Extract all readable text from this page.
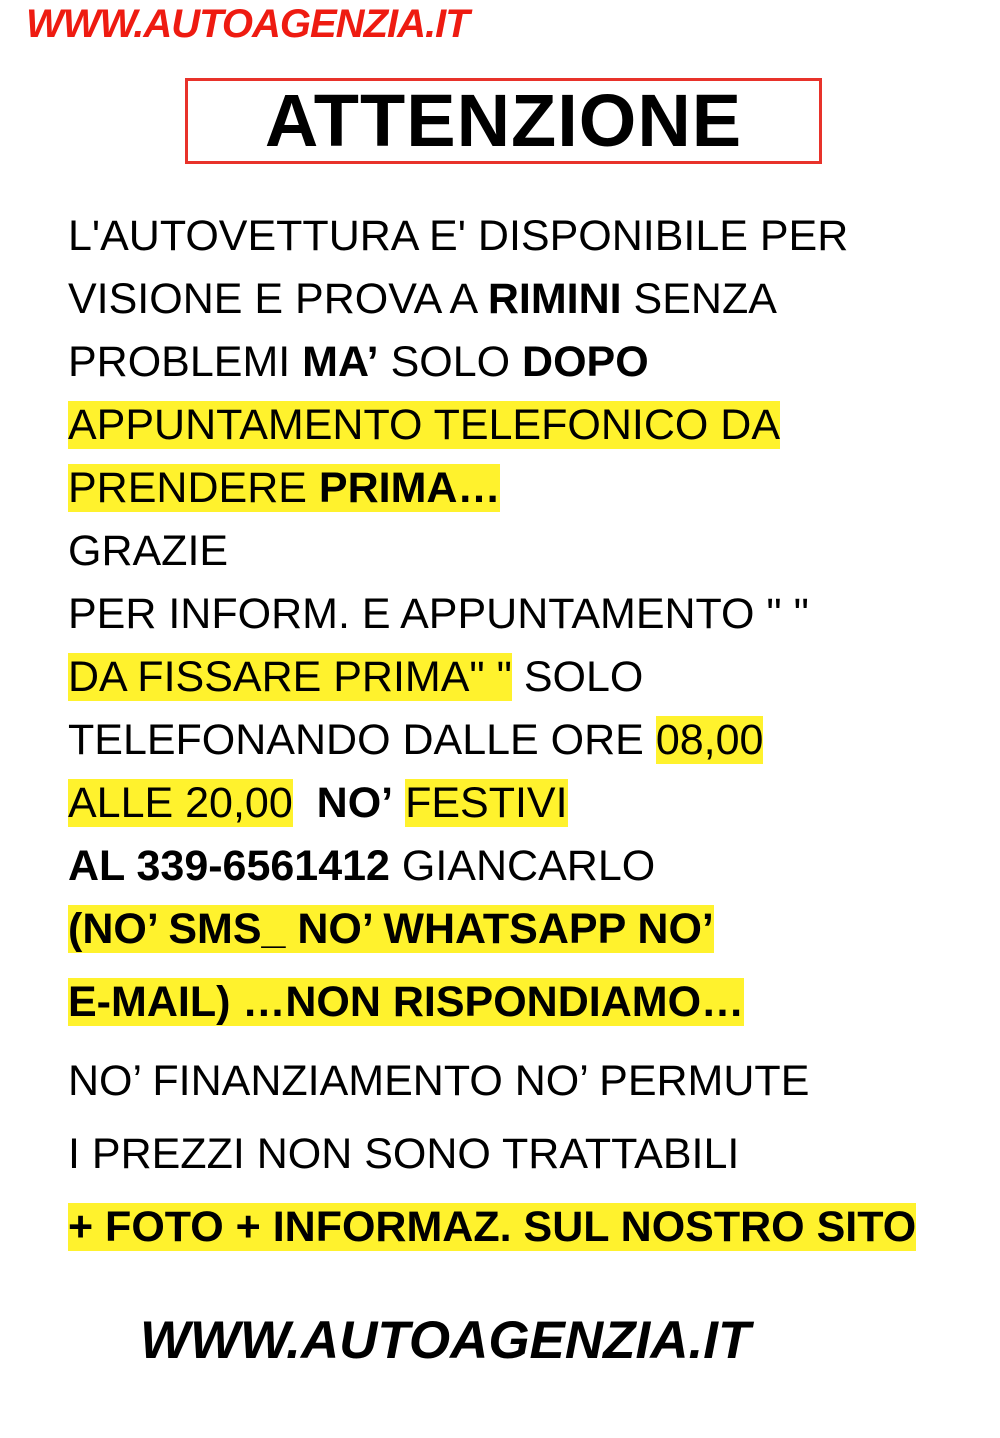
WWW.AUTOAGENZIA.IT
ATTENZIONE
L'AUTOVETTURA E' DISPONIBILE PER
VISIONE E PROVA A RIMINI SENZA
PROBLEMI MA’ SOLO DOPO
APPUNTAMENTO TELEFONICO DA
PRENDERE PRIMA…
GRAZIE
PER INFORM. E APPUNTAMENTO " "
DA FISSARE PRIMA" " SOLO
TELEFONANDO DALLE ORE 08,00
ALLE 20,00 NO’ FESTIVI
AL 339-6561412 GIANCARLO
(NO’ SMS_ NO’ WHATSAPP NO’
E-MAIL) …NON RISPONDIAMO…
NO’ FINANZIAMENTO NO’ PERMUTE
I PREZZI NON SONO TRATTABILI
+ FOTO + INFORMAZ. SUL NOSTRO SITO
WWW.AUTOAGENZIA.IT
